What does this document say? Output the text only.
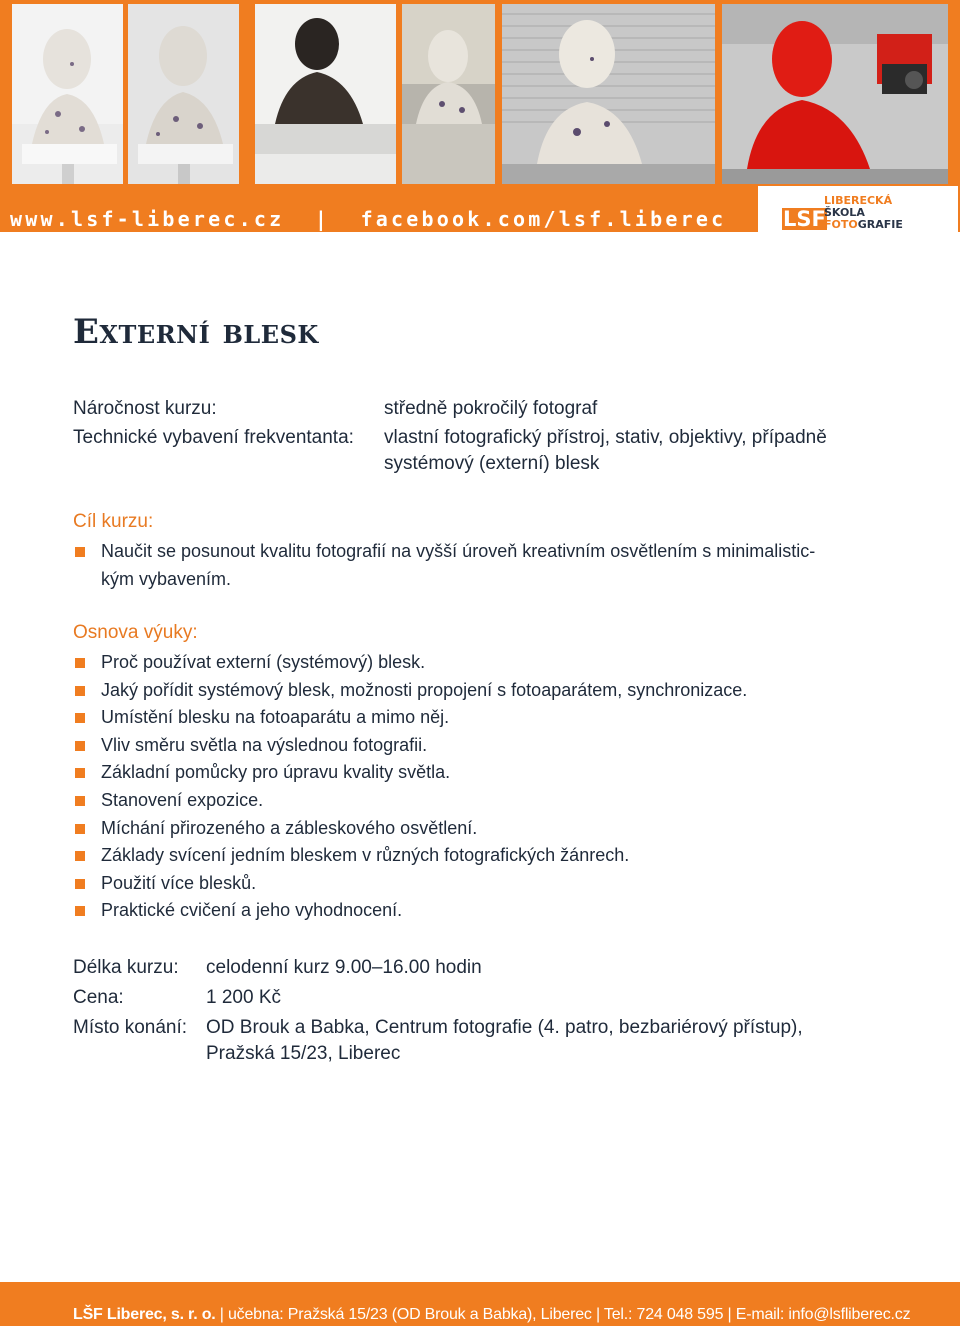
www.lsf-liberec.cz | facebook.com/lsf.liberec	LSF
LIBERECKÁ
ŠKOLA
FOTOGRAFIE
Externí blesk
Náročnost kurzu:	středně pokročilý fotograf
Technické vybavení frekventanta: vlastní fotografický přístroj, stativ, objektivy, případně
systémový (externí) blesk
Cíl kurzu:
Naučit se posunout kvalitu fotografií na vyšší úroveň kreativním osvětlením s minimalistic-
kým vybavením.
Osnova výuky:
Proč používat externí (systémový) blesk.
Jaký pořídit systémový blesk, možnosti propojení s fotoaparátem, synchronizace.
Umístění blesku na fotoaparátu a mimo něj.
Vliv směru světla na výslednou fotografii.
Základní pomůcky pro úpravu kvality světla.
Stanovení expozice.
Míchání přirozeného a zábleskového osvětlení.
Základy svícení jedním bleskem v různých fotografických žánrech.
Použití více blesků.
Praktické cvičení a jeho vyhodnocení.
Délka kurzu: celodenní kurz 9.00–16.00 hodin
Cena:	1 200 Kč
Místo konání: OD Brouk a Babka, Centrum fotografie (4. patro, bezbariérový přístup),
Pražská 15/23, Liberec
LŠF Liberec, s. r. o. | učebna: Pražská 15/23 (OD Brouk a Babka), Liberec | Tel.: 724 048 595 | E-mail: info@lsfliberec.cz
